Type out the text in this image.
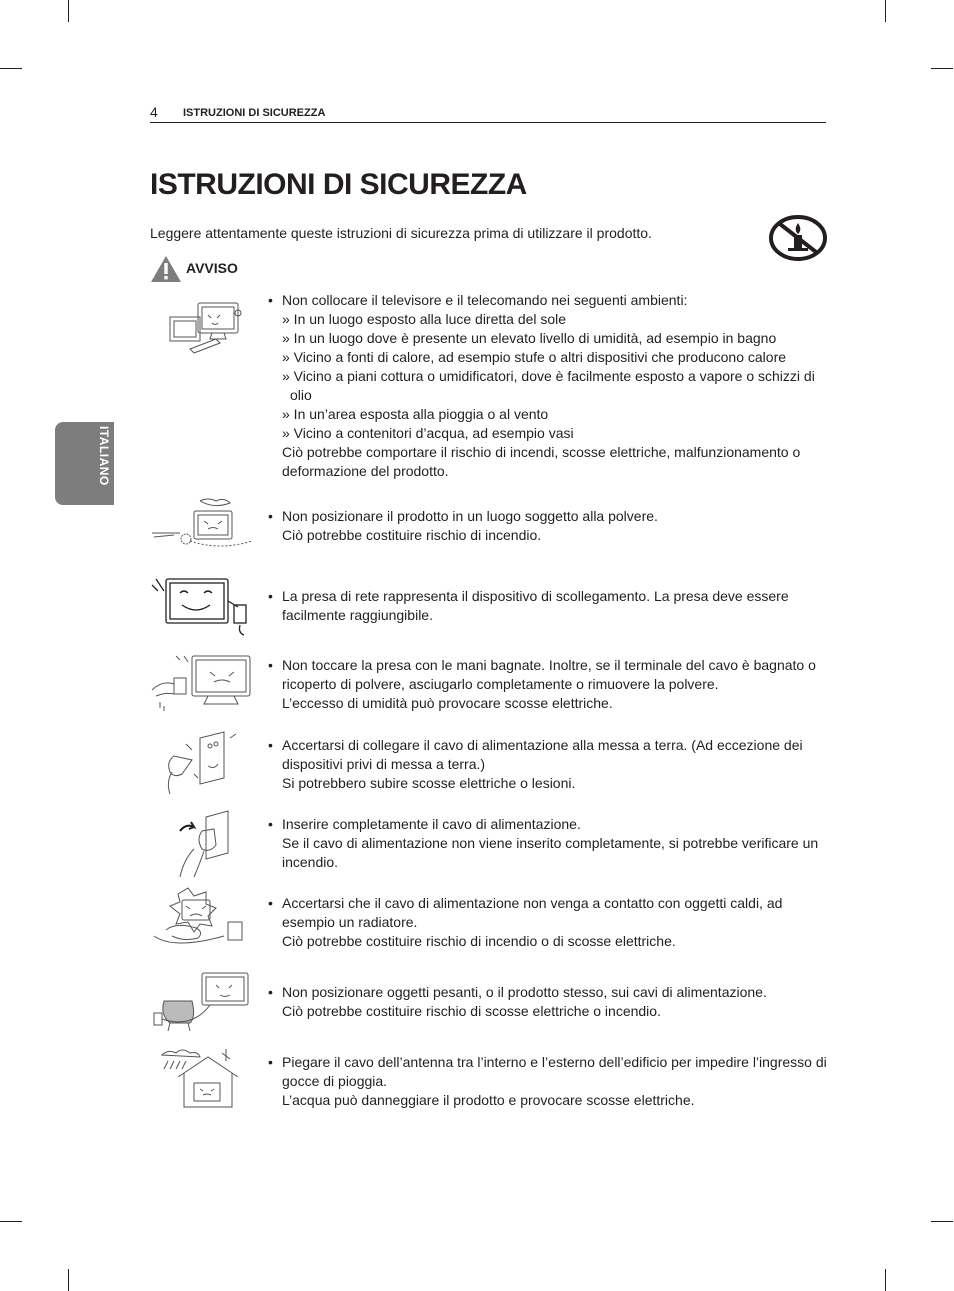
4 ISTRUZIONI DI SICUREZZA
ITALIANO
ISTRUZIONI DI SICUREZZA
Leggere attentamente queste istruzioni di sicurezza prima di utilizzare il prodotto.
AVVISO
• Non collocare il televisore e il telecomando nei seguenti ambienti:
» In un luogo esposto alla luce diretta del sole
» In un luogo dove è presente un elevato livello di umidità, ad esempio in bagno
» Vicino a fonti di calore, ad esempio stufe o altri dispositivi che producono calore
» Vicino a piani cottura o umidificatori, dove è facilmente esposto a vapore o schizzi di
olio
» In un’area esposta alla pioggia o al vento
» Vicino a contenitori d’acqua, ad esempio vasi
Ciò potrebbe comportare il rischio di incendi, scosse elettriche, malfunzionamento o deformazione del prodotto.
• Non posizionare il prodotto in un luogo soggetto alla polvere.
Ciò potrebbe costituire rischio di incendio.
• La presa di rete rappresenta il dispositivo di scollegamento. La presa deve essere facilmente raggiungibile.
• Non toccare la presa con le mani bagnate. Inoltre, se il terminale del cavo è bagnato o ricoperto di polvere, asciugarlo completamente o rimuovere la polvere.
L’eccesso di umidità può provocare scosse elettriche.
• Accertarsi di collegare il cavo di alimentazione alla messa a terra. (Ad eccezione dei dispositivi privi di messa a terra.)
Si potrebbero subire scosse elettriche o lesioni.
• Inserire completamente il cavo di alimentazione.
Se il cavo di alimentazione non viene inserito completamente, si potrebbe verificare un incendio.
• Accertarsi che il cavo di alimentazione non venga a contatto con oggetti caldi, ad esempio un radiatore.
Ciò potrebbe costituire rischio di incendio o di scosse elettriche.
• Non posizionare oggetti pesanti, o il prodotto stesso, sui cavi di alimentazione.
Ciò potrebbe costituire rischio di scosse elettriche o incendio.
• Piegare il cavo dell’antenna tra l’interno e l’esterno dell’edificio per impedire l’ingresso di gocce di pioggia.
L’acqua può danneggiare il prodotto e provocare scosse elettriche.
